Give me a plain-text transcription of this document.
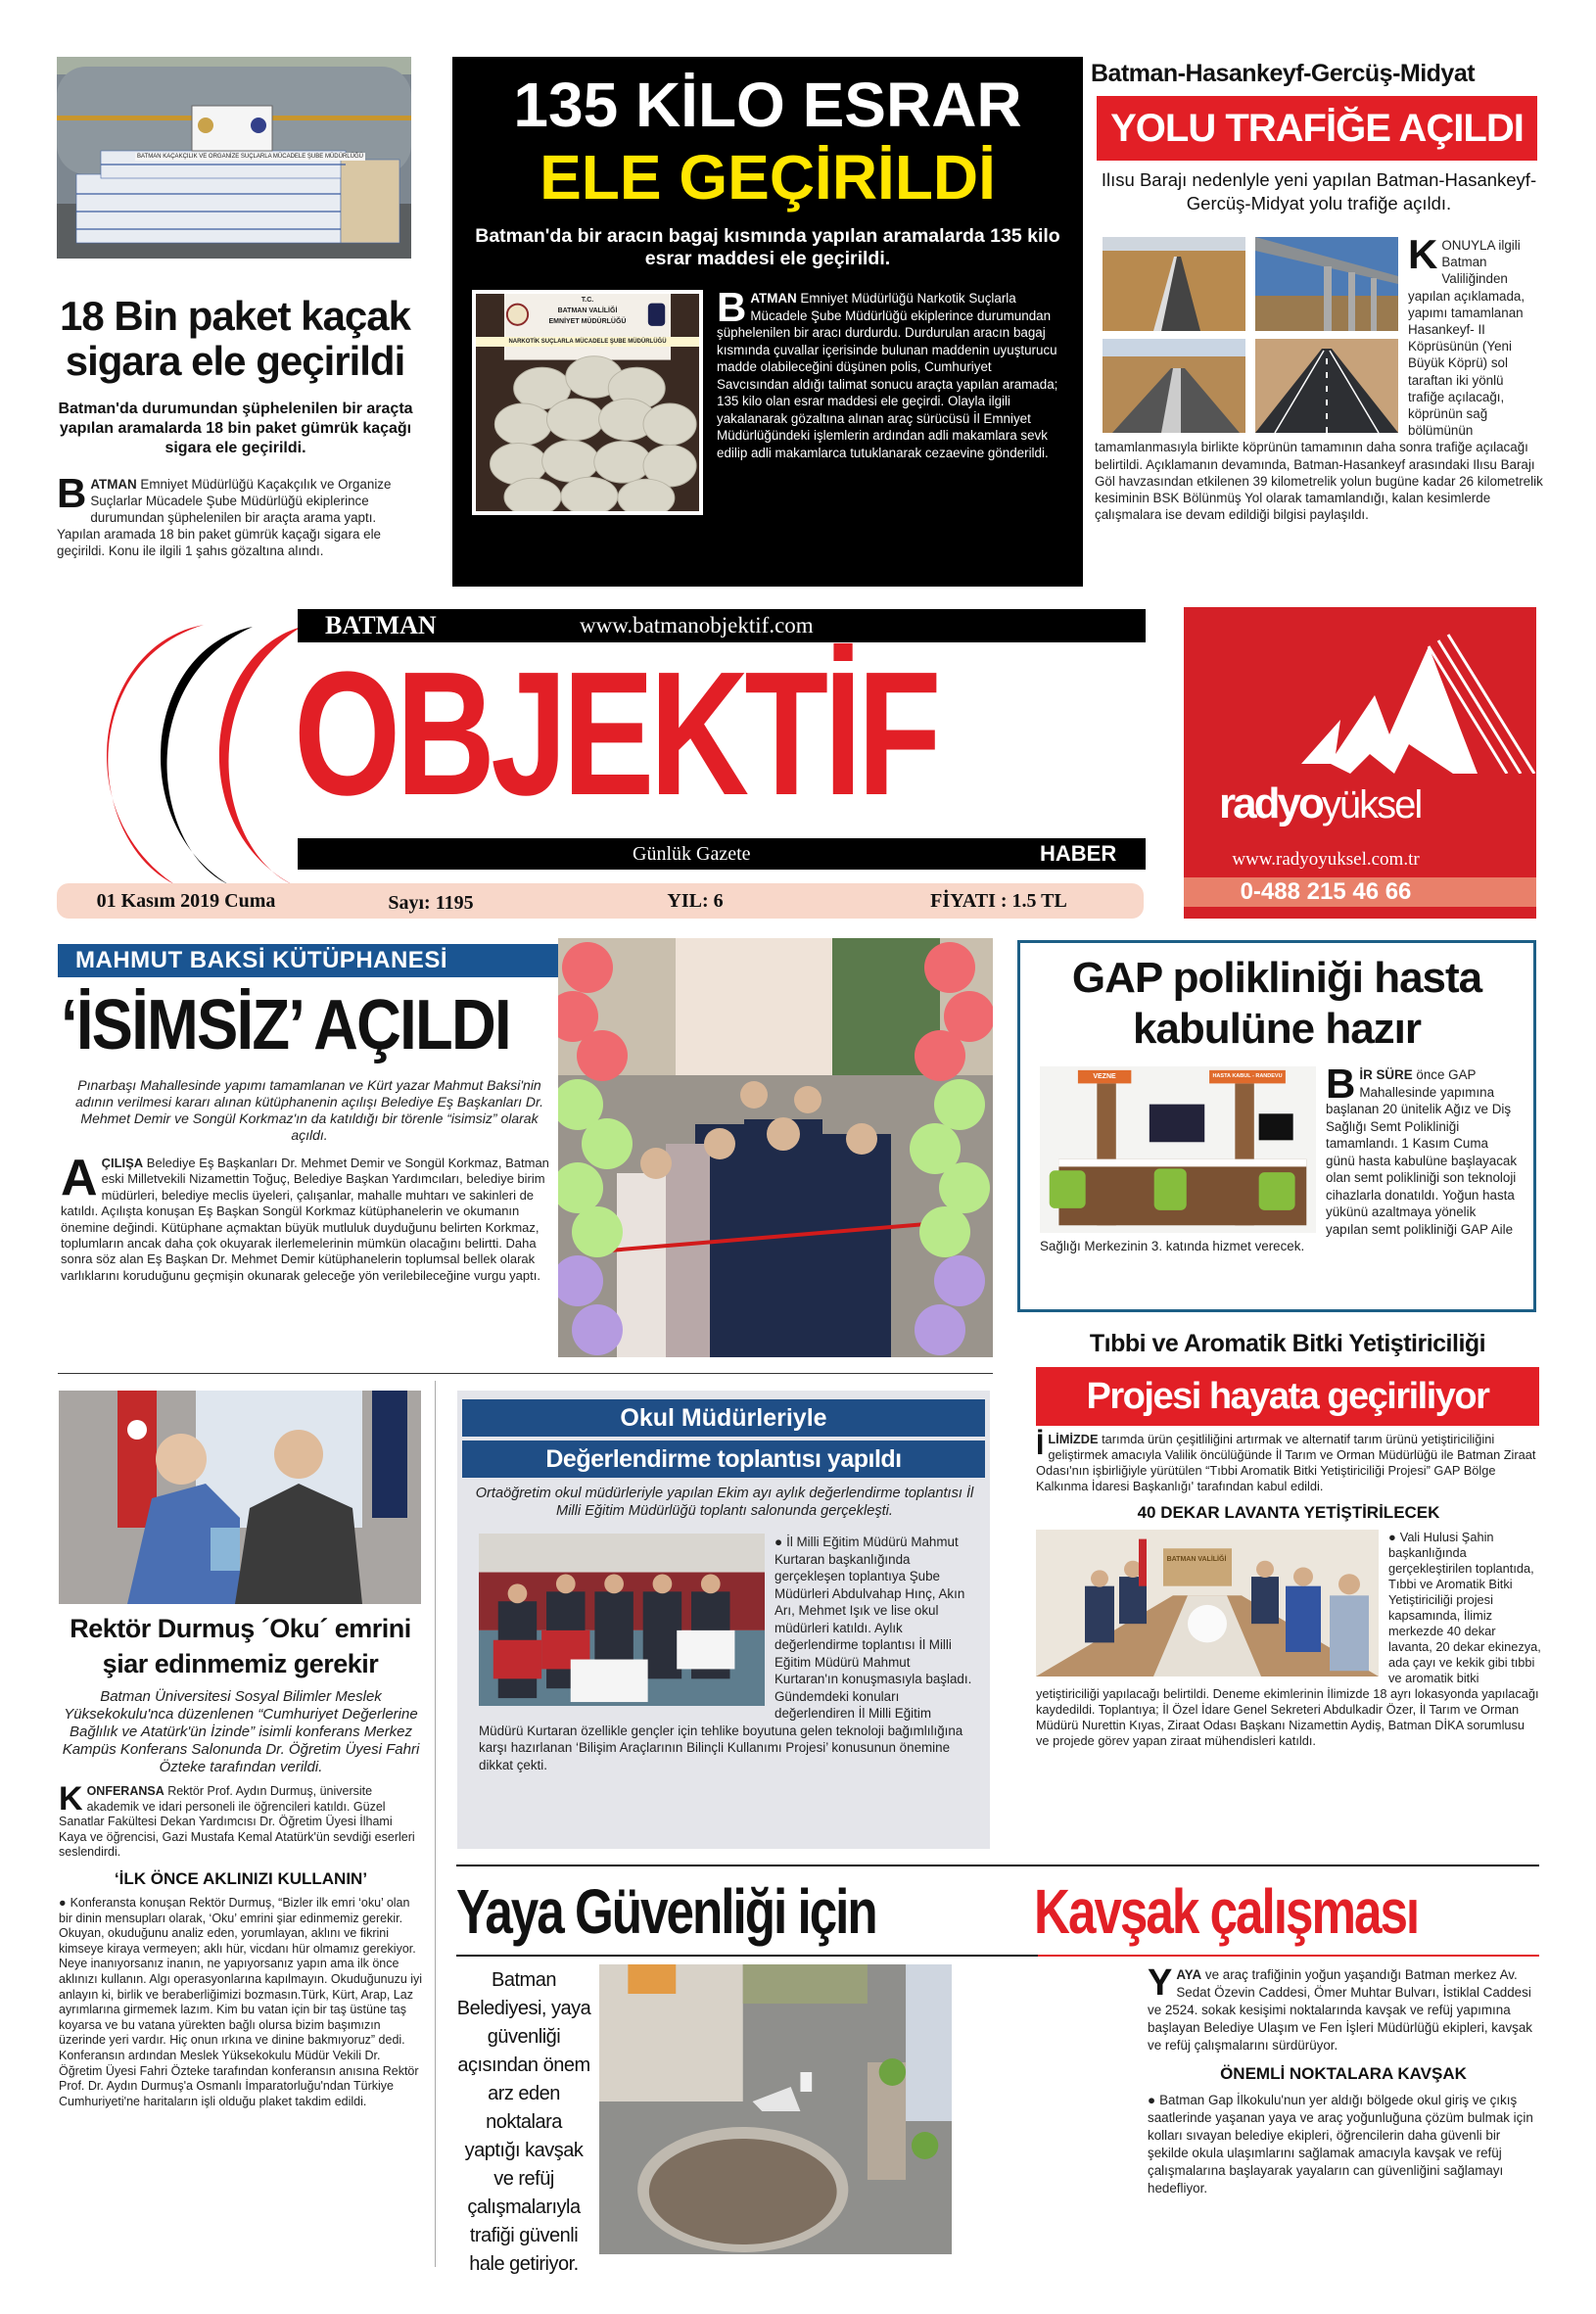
BATMAN KAÇAKÇILIK VE ORGANİZE SUÇLARLA MÜCADELE ŞUBE MÜDÜRLÜĞÜ
18 Bin paket kaçak
sigara ele geçirildi

Batman'da durumundan şüphelenilen bir araçta yapılan aramalarda 18 bin paket gümrük kaçağı sigara ele geçirildi.

BATMAN Emniyet Müdürlüğü Kaçakçılık ve Organize Suçlarlar Mücadele Şube Müdürlüğü ekiplerince durumundan şüphelenilen bir araçta arama yaptı. Yapılan aramada 18 bin paket gümrük kaçağı sigara ele geçirildi. Konu ile ilgili 1 şahıs gözaltına alındı.
135 KİLO ESRAR
ELE GEÇİRİLDİ

Batman'da bir aracın bagaj kısmında yapılan aramalarda 135 kilo esrar maddesi ele geçirildi.

T.C.
BATMAN VALİLİĞİ
EMNİYET MÜDÜRLÜĞÜ
NARKOTİK SUÇLARLA MÜCADELE ŞUBE MÜDÜRLÜĞÜ
B ATMAN Emniyet Müdürlüğü Narkotik Suçlarla Mücadele Şube Müdürlüğü ekiplerince durumundan şüphelenilen bir aracı durdurdu. Durdurulan aracın bagaj kısmında çuvallar içerisinde bulunan maddenin uyuşturucu madde olabileceğini düşünen polis, Cumhuriyet Savcısından aldığı talimat sonucu araçta yapılan aramada; 135 kilo olan esrar maddesi ele geçirdi. Olayla ilgili yakalanarak gözaltına alınan araç sürücüsü İl Emniyet Müdürlüğündeki işlemlerin ardından adli makamlara sevk edilip adli makamlarca tutuklanarak cezaevine gönderildi.
Batman-Hasankeyf-Gercüş-Midyat
YOLU TRAFİĞE AÇILDI

Ilısu Barajı nedenlyle yeni yapılan Batman-Hasankeyf-Gercüş-Midyat yolu trafiğe açıldı.

KONUYLA ilgili Batman Valiliğinden yapılan açıklamada, yapımı tamamlanan Hasankeyf- II Köprüsünün (Yeni Büyük Köprü) sol taraftan iki yönlü trafiğe açılacağı, köprünün sağ bölümünün tamamlanmasıyla birlikte köprünün tamamının daha sonra trafiğe açılacağı belirtildi. Açıklamanın devamında, Batman-Hasankeyf arasındaki Ilısu Barajı Göl havzasından etkilenen 39 kilometrelik yolun bugüne kadar 26 kilometrelik kesiminin BSK Bölünmüş Yol olarak tamamlandığı, kalan kesimlerde çalışmalara ise devam edildiği bilgisi paylaşıldı.
BATMAN	www.batmanobjektif.com
OBJEKTİF
Günlük Gazete	HABER
01 Kasım 2019 Cuma	Sayı: 1195	YIL: 6	FİYATI : 1.5 TL
radyoyüksel
www.radyoyuksel.com.tr
0-488 215 46 66
MAHMUT BAKSİ KÜTÜPHANESİ
‘İSİMSİZ’ AÇILDI

Pınarbaşı Mahallesinde yapımı tamamlanan ve Kürt yazar Mahmut Baksi'nin adının verilmesi kararı alınan kütüphanenin açılışı Belediye Eş Başkanları Dr. Mehmet Demir ve Songül Korkmaz'ın da katıldığı bir törenle “isimsiz” olarak açıldı.

AÇILIŞA Belediye Eş Başkanları Dr. Mehmet Demir ve Songül Korkmaz, Batman eski Milletvekili Nizamettin Toğuç, Belediye Başkan Yardımcıları, belediye birim müdürleri, belediye meclis üyeleri, çalışanlar, mahalle muhtarı ve sakinleri de katıldı. Açılışta konuşan Eş Başkan Songül Korkmaz kütüphanelerin ve okumanın önemine değindi. Kütüphane açmaktan büyük mutluluk duyduğunu belirten Korkmaz, toplumların ancak daha çok okuyarak ilerlemelerinin mümkün olacağını belirtti. Daha sonra söz alan Eş Başkan Dr. Mehmet Demir kütüphanelerin toplumsal bellek olarak varlıklarını koruduğunu geçmişin okunarak geleceğe yön verilebileceğine vurgu yaptı.
GAP polikliniği hasta
kabulüne hazır
VEZNE	HASTA KABUL - RANDEVU B İR SÜRE önce GAP Mahallesinde yapımına başlanan 20 ünitelik Ağız ve Diş Sağlığı Semt Polikliniği tamamlandı. 1 Kasım Cuma günü hasta kabulüne başlayacak olan semt polikliniği son teknoloji cihazlarla donatıldı. Yoğun hasta yükünü azaltmaya yönelik yapılan semt polikliniği GAP Aile Sağlığı Merkezinin 3. katında hizmet verecek.
Rektör Durmuş ´Oku´ emrini
şiar edinmemiz gerekir

Batman Üniversitesi Sosyal Bilimler Meslek Yüksekokulu'nca düzenlenen “Cumhuriyet Değerlerine Bağlılık ve Atatürk'ün İzinde” isimli konferans Merkez Kampüs Konferans Salonunda Dr. Öğretim Üyesi Fahri Özteke tarafından verildi.

KONFERANSA Rektör Prof. Aydın Durmuş, üniversite akademik ve idari personeli ile öğrencileri katıldı. Güzel Sanatlar Fakültesi Dekan Yardımcısı Dr. Öğretim Üyesi İlhami Kaya ve öğrencisi, Gazi Mustafa Kemal Atatürk'ün sevdiği eserleri seslendirdi.
‘İLK ÖNCE AKLINIZI KULLANIN’

● Konferansta konuşan Rektör Durmuş, “Bizler ilk emri ‘oku’ olan bir dinin mensupları olarak, ‘Oku’ emrini şiar edinmemiz gerekir. Okuyan, okuduğunu analiz eden, yorumlayan, aklını ve fikrini kimseye kiraya vermeyen; aklı hür, vicdanı hür olmamız gerekiyor. Neye inanıyorsanız inanın, ne yapıyorsanız yapın ama ilk önce aklınızı kullanın. Algı operasyonlarına kapılmayın. Okuduğunuzu iyi anlayın ki, birlik ve beraberliğimizi bozmasın.Türk, Kürt, Arap, Laz ayrımlarına girmemek lazım. Kim bu vatan için bir taş üstüne taş koyarsa ve bu vatana yürekten bağlı olursa bizim başımızın üzerinde yeri vardır. Hiç onun ırkına ve dinine bakmıyoruz” dedi. Konferansın ardından Meslek Yüksekokulu Müdür Vekili Dr. Öğretim Üyesi Fahri Özteke tarafından konferansın anısına Rektör Prof. Dr. Aydın Durmuş'a Osmanlı İmparatorluğu'ndan Türkiye Cumhuriyeti'ne haritaların işli olduğu plaket takdim edildi.

Okul Müdürleriyle
Değerlendirme toplantısı yapıldı

Ortaöğretim okul müdürleriyle yapılan Ekim ayı aylık değerlendirme toplantısı İl Milli Eğitim Müdürlüğü toplantı salonunda gerçekleşti.

● İl Milli Eğitim Müdürü Mahmut Kurtaran başkanlığında gerçekleşen toplantıya Şube Müdürleri Abdulvahap Hınç, Akın Arı, Mehmet Işık ve lise okul müdürleri katıldı. Aylık değerlendirme toplantısı İl Milli Eğitim Müdürü Mahmut Kurtaran'ın konuşmasıyla başladı. Gündemdeki konuları değerlendiren İl Milli Eğitim Müdürü Kurtaran özellikle gençler için tehlike boyutuna gelen teknoloji bağımlılığına karşı hazırlanan ‘Bilişim Araçlarının Bilinçli Kullanımı Projesi’ konusunun önemine dikkat çekti.
Tıbbi ve Aromatik Bitki Yetiştiriciliği
Projesi hayata geçiriliyor
İLİMİZDE tarımda ürün çeşitliliğini artırmak ve alternatif tarım ürünü yetiştiriciliğini geliştirmek amacıyla Valilik öncülüğünde İl Tarım ve Orman Müdürlüğü ile Batman Ziraat Odası'nın işbirliğiyle yürütülen “Tıbbi Aromatik Bitki Yetiştiriciliği Projesi” GAP Bölge Kalkınma İdaresi Başkanlığı' tarafından kabul edildi.
40 DEKAR LAVANTA YETİŞTİRİLECEK
BATMAN VALİLİĞİ
● Vali Hulusi Şahin başkanlığında gerçekleştirilen toplantıda, Tıbbi ve Aromatik Bitki Yetiştiriciliği projesi kapsamında, İlimiz merkezde 40 dekar lavanta, 20 dekar ekinezya, ada çayı ve kekik gibi tıbbi ve aromatik bitki yetiştiriciliği yapılacağı belirtildi. Deneme ekimlerinin İlimizde 18 ayrı lokasyonda yapılacağı kaydedildi. Toplantıya; İl Özel İdare Genel Sekreteri Abdulkadir Özer, İl Tarım ve Orman Müdürü Nurettin Kıyas, Ziraat Odası Başkanı Nizamettin Aydiş, Batman DİKA sorumlusu ve projede görev yapan ziraat mühendisleri katıldı.
Yaya Güvenliği için	Kavşak çalışması

Batman Belediyesi, yaya güvenliği açısından önem arz eden noktalara yaptığı kavşak ve refüj çalışmalarıyla trafiği güvenli hale getiriyor.

YAYA ve araç trafiğinin yoğun yaşandığı Batman merkez Av. Sedat Özevin Caddesi, Ömer Muhtar Bulvarı, İstiklal Caddesi ve 2524. sokak kesişimi noktalarında kavşak ve refüj yapımına başlayan Belediye Ulaşım ve Fen İşleri Müdürlüğü ekipleri, kavşak ve refüj çalışmalarını sürdürüyor.
ÖNEMLİ NOKTALARA KAVŞAK

● Batman Gap İlkokulu'nun yer aldığı bölgede okul giriş ve çıkış saatlerinde yaşanan yaya ve araç yoğunluğuna çözüm bulmak için kolları sıvayan belediye ekipleri, öğrencilerin daha güvenli bir şekilde okula ulaşımlarını sağlamak amacıyla kavşak ve refüj çalışmalarına başlayarak yayaların can güvenliğini sağlamayı hedefliyor.
